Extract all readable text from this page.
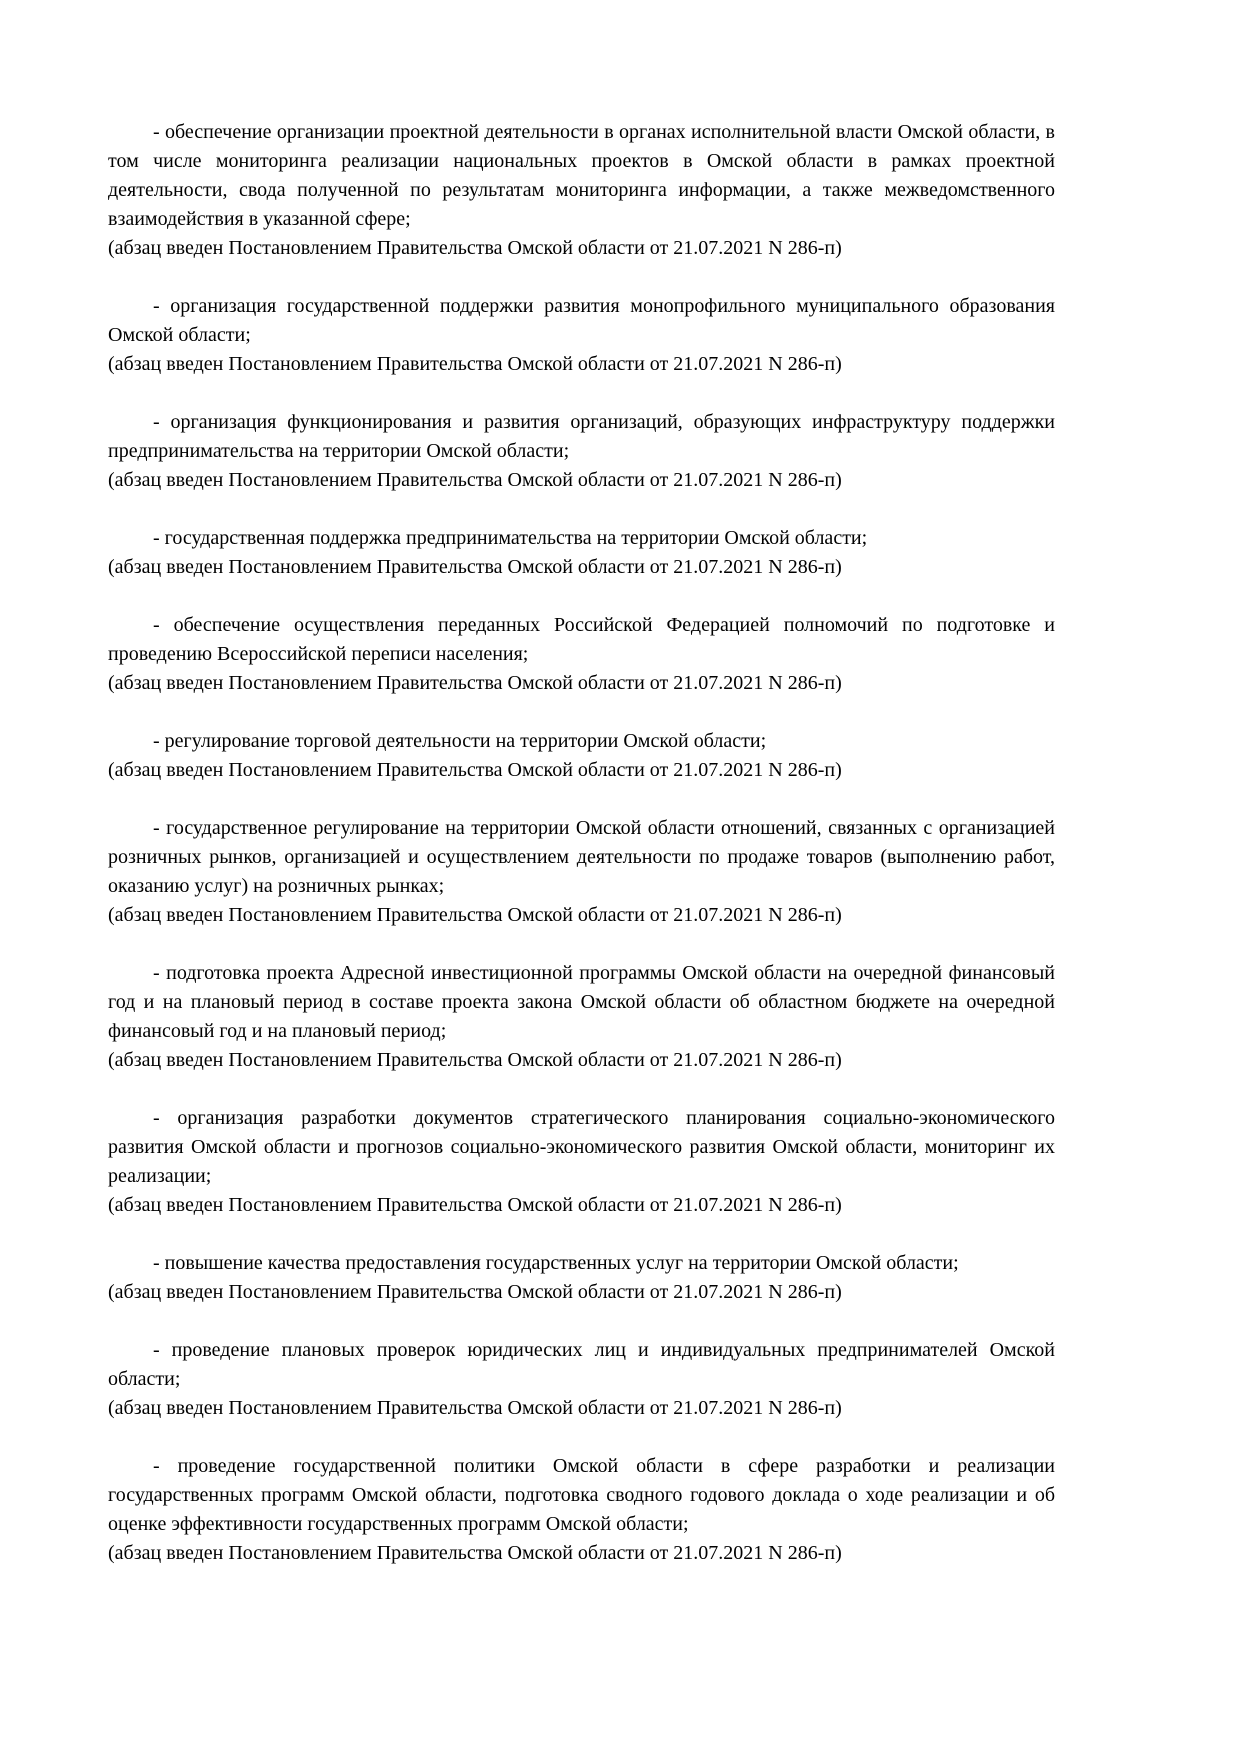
- обеспечение организации проектной деятельности в органах исполнительной власти Омской области, в том числе мониторинга реализации национальных проектов в Омской области в рамках проектной деятельности, свода полученной по результатам мониторинга информации, а также межведомственного взаимодействия в указанной сфере;

(абзац введен Постановлением Правительства Омской области от 21.07.2021 N 286-п)

- организация государственной поддержки развития монопрофильного муниципального образования Омской области;

(абзац введен Постановлением Правительства Омской области от 21.07.2021 N 286-п)

- организация функционирования и развития организаций, образующих инфраструктуру поддержки предпринимательства на территории Омской области;

(абзац введен Постановлением Правительства Омской области от 21.07.2021 N 286-п)

- государственная поддержка предпринимательства на территории Омской области;

(абзац введен Постановлением Правительства Омской области от 21.07.2021 N 286-п)

- обеспечение осуществления переданных Российской Федерацией полномочий по подготовке и проведению Всероссийской переписи населения;

(абзац введен Постановлением Правительства Омской области от 21.07.2021 N 286-п)

- регулирование торговой деятельности на территории Омской области;

(абзац введен Постановлением Правительства Омской области от 21.07.2021 N 286-п)

- государственное регулирование на территории Омской области отношений, связанных с организацией розничных рынков, организацией и осуществлением деятельности по продаже товаров (выполнению работ, оказанию услуг) на розничных рынках;

(абзац введен Постановлением Правительства Омской области от 21.07.2021 N 286-п)

- подготовка проекта Адресной инвестиционной программы Омской области на очередной финансовый год и на плановый период в составе проекта закона Омской области об областном бюджете на очередной финансовый год и на плановый период;

(абзац введен Постановлением Правительства Омской области от 21.07.2021 N 286-п)

- организация разработки документов стратегического планирования социально-экономического развития Омской области и прогнозов социально-экономического развития Омской области, мониторинг их реализации;

(абзац введен Постановлением Правительства Омской области от 21.07.2021 N 286-п)

- повышение качества предоставления государственных услуг на территории Омской области;

(абзац введен Постановлением Правительства Омской области от 21.07.2021 N 286-п)

- проведение плановых проверок юридических лиц и индивидуальных предпринимателей Омской области;

(абзац введен Постановлением Правительства Омской области от 21.07.2021 N 286-п)

- проведение государственной политики Омской области в сфере разработки и реализации государственных программ Омской области, подготовка сводного годового доклада о ходе реализации и об оценке эффективности государственных программ Омской области;

(абзац введен Постановлением Правительства Омской области от 21.07.2021 N 286-п)
